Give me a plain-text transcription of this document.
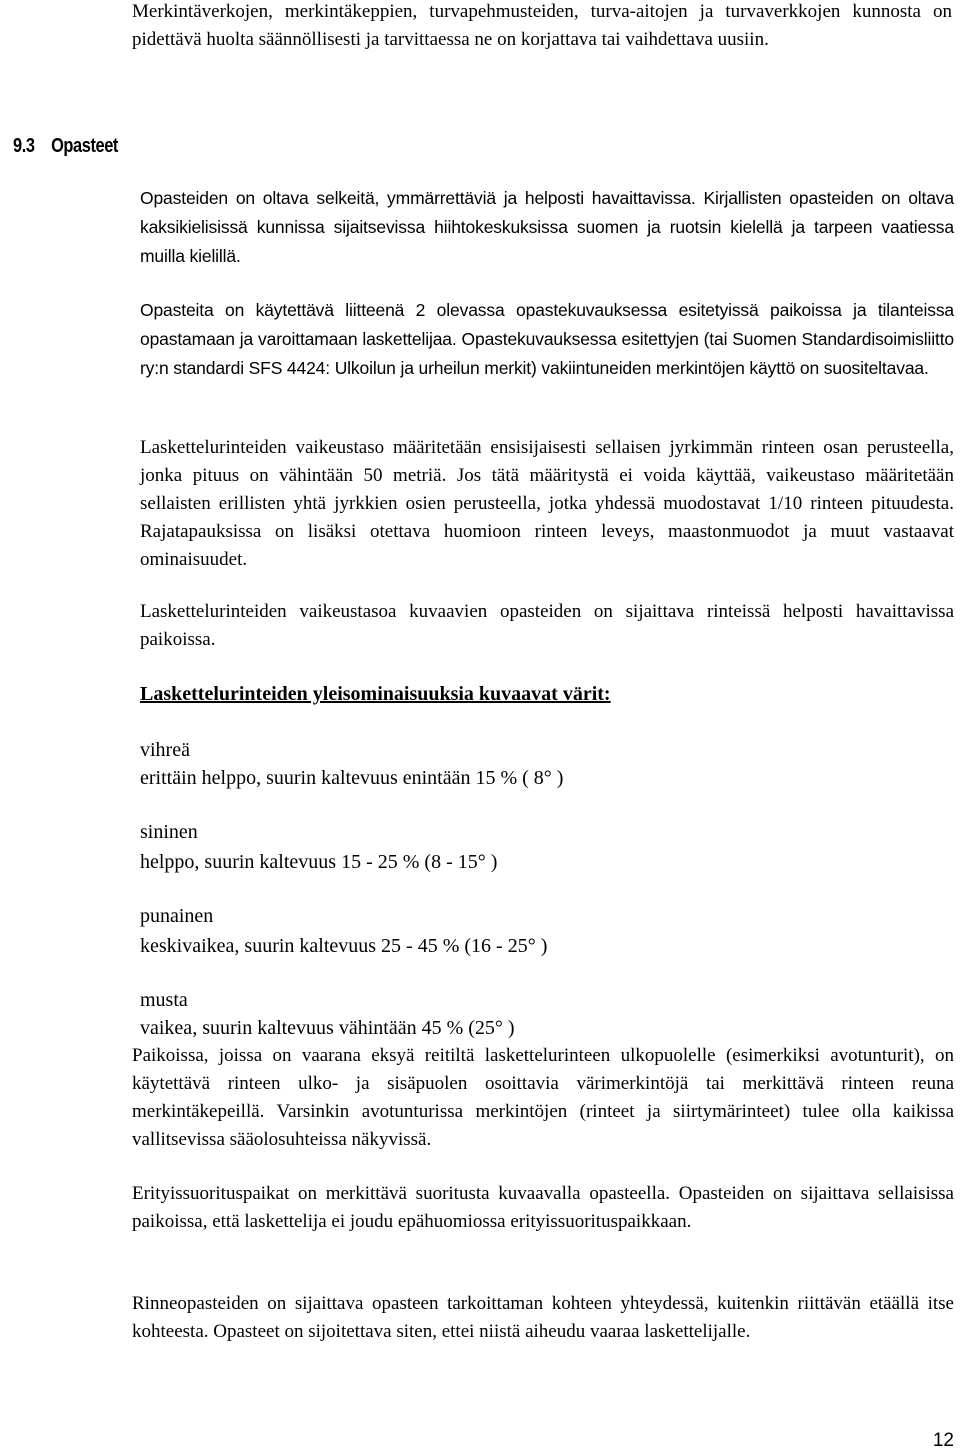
Merkintäverkojen, merkintäkeppien, turvapehmusteiden, turva-aitojen ja turvaverkkojen kunnosta on pidettävä huolta säännöllisesti ja tarvittaessa ne on korjattava tai vaihdettava uusiin.

9.3 Opasteet

Opasteiden on oltava selkeitä, ymmärrettäviä ja helposti havaittavissa. Kirjallisten opasteiden on oltava kaksikielisissä kunnissa sijaitsevissa hiihtokeskuksissa suomen ja ruotsin kielellä ja tarpeen vaatiessa muilla kielillä.

Opasteita on käytettävä liitteenä 2 olevassa opastekuvauksessa esitetyissä paikoissa ja tilanteissa opastamaan ja varoittamaan laskettelijaa. Opastekuvauksessa esitettyjen (tai Suomen Standardisoimisliitto ry:n standardi SFS 4424: Ulkoilun ja urheilun merkit) vakiintuneiden merkintöjen käyttö on suositeltavaa.

Laskettelurinteiden vaikeustaso määritetään ensisijaisesti sellaisen jyrkimmän rinteen osan perusteella, jonka pituus on vähintään 50 metriä. Jos tätä määritystä ei voida käyttää, vaikeustaso määritetään sellaisten erillisten yhtä jyrkkien osien perusteella, jotka yhdessä muodostavat 1/10 rinteen pituudesta. Rajatapauksissa on lisäksi otettava huomioon rinteen leveys, maastonmuodot ja muut vastaavat ominaisuudet.

Laskettelurinteiden vaikeustasoa kuvaavien opasteiden on sijaittava rinteissä helposti havaittavissa paikoissa.

Laskettelurinteiden yleisominaisuuksia kuvaavat värit:
vihreä
erittäin helppo, suurin kaltevuus enintään 15 % ( 8° )
sininen
helppo, suurin kaltevuus 15 - 25 % (8 - 15° )
punainen
keskivaikea, suurin kaltevuus 25 - 45 % (16 - 25° )
musta
vaikea, suurin kaltevuus vähintään 45 % (25° )

Paikoissa, joissa on vaarana eksyä reitiltä laskettelurinteen ulkopuolelle (esimerkiksi avotunturit), on käytettävä rinteen ulko- ja sisäpuolen osoittavia värimerkintöjä tai merkittävä rinteen reuna merkintäkepeillä. Varsinkin avotunturissa merkintöjen (rinteet ja siirtymärinteet) tulee olla kaikissa vallitsevissa sääolosuhteissa näkyvissä.

Erityissuorituspaikat on merkittävä suoritusta kuvaavalla opasteella. Opasteiden on sijaittava sellaisissa paikoissa, että laskettelija ei joudu epähuomiossa erityissuorituspaikkaan.

Rinneopasteiden on sijaittava opasteen tarkoittaman kohteen yhteydessä, kuitenkin riittävän etäällä itse kohteesta. Opasteet on sijoitettava siten, ettei niistä aiheudu vaaraa laskettelijalle.

12
